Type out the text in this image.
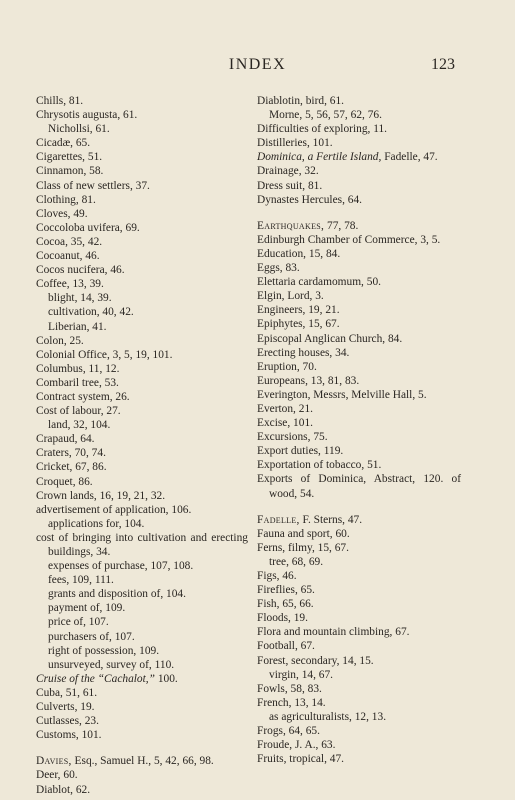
INDEX	123
Chills, 81.
Chrysotis augusta, 61.
Nichollsi, 61.
Cicadæ, 65.
Cigarettes, 51.
Cinnamon, 58.
Class of new settlers, 37.
Clothing, 81.
Cloves, 49.
Coccoloba uvifera, 69.
Cocoa, 35, 42.
Cocoanut, 46.
Cocos nucifera, 46.
Coffee, 13, 39.
blight, 14, 39.
cultivation, 40, 42.
Liberian, 41.
Colon, 25.
Colonial Office, 3, 5, 19, 101.
Columbus, 11, 12.
Combaril tree, 53.
Contract system, 26.
Cost of labour, 27.
land, 32, 104.
Crapaud, 64.
Craters, 70, 74.
Cricket, 67, 86.
Croquet, 86.
Crown lands, 16, 19, 21, 32.
advertisement of application, 106.
applications for, 104.
cost of bringing into cultivation and erecting buildings, 34.
expenses of purchase, 107, 108.
fees, 109, 111.
grants and disposition of, 104.
payment of, 109.
price of, 107.
purchasers of, 107.
right of possession, 109.
unsurveyed, survey of, 110.
Cruise of the “Cachalot,” 100.
Cuba, 51, 61.
Culverts, 19.
Cutlasses, 23.
Customs, 101.
Davies, Esq., Samuel H., 5, 42, 66, 98.
Deer, 60.
Diablot, 62.
Diablotin, bird, 61.
Morne, 5, 56, 57, 62, 76.
Difficulties of exploring, 11.
Distilleries, 101.
Dominica, a Fertile Island, Fadelle, 47.
Drainage, 32.
Dress suit, 81.
Dynastes Hercules, 64.
Earthquakes, 77, 78.
Edinburgh Chamber of Commerce, 3, 5.
Education, 15, 84.
Eggs, 83.
Elettaria cardamomum, 50.
Elgin, Lord, 3.
Engineers, 19, 21.
Epiphytes, 15, 67.
Episcopal Anglican Church, 84.
Erecting houses, 34.
Eruption, 70.
Europeans, 13, 81, 83.
Everington, Messrs, Melville Hall, 5.
Everton, 21.
Excise, 101.
Excursions, 75.
Export duties, 119.
Exportation of tobacco, 51.
Exports of Dominica, Abstract, 120. of wood, 54.
Fadelle, F. Sterns, 47.
Fauna and sport, 60.
Ferns, filmy, 15, 67.
tree, 68, 69.
Figs, 46.
Fireflies, 65.
Fish, 65, 66.
Floods, 19.
Flora and mountain climbing, 67.
Football, 67.
Forest, secondary, 14, 15.
virgin, 14, 67.
Fowls, 58, 83.
French, 13, 14.
as agriculturalists, 12, 13.
Frogs, 64, 65.
Froude, J. A., 63.
Fruits, tropical, 47.
